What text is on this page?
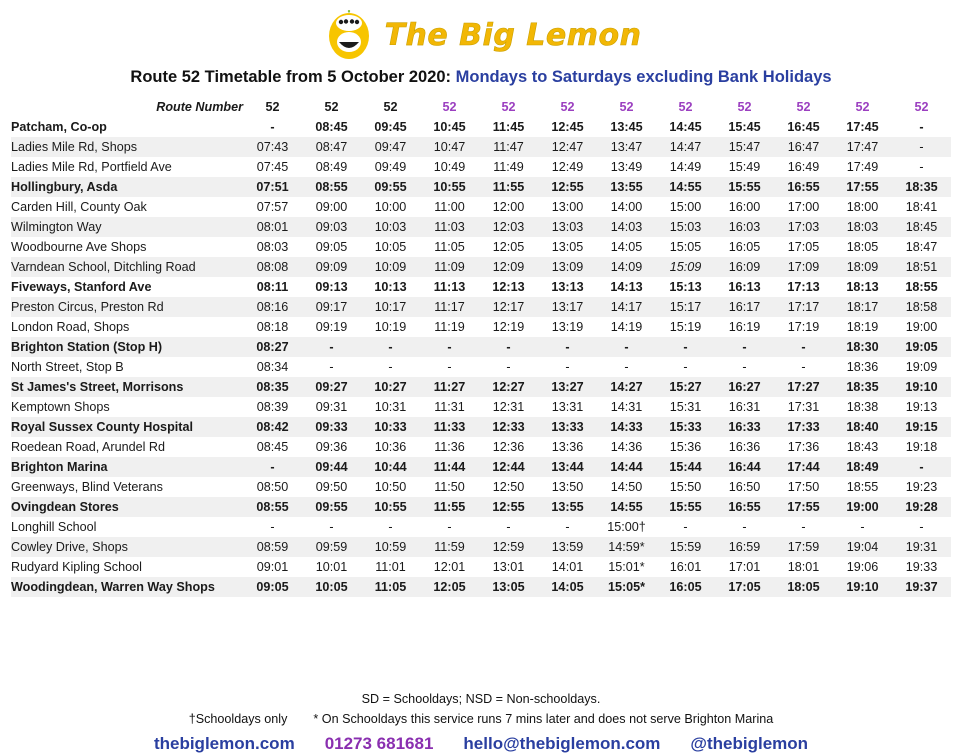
The Big Lemon
Route 52 Timetable from 5 October 2020: Mondays to Saturdays excluding Bank Holidays
Route Number	52	52	52	52	52	52	52	52	52	52	52	52
Patcham, Co-op	-	08:45	09:45	10:45	11:45	12:45	13:45	14:45	15:45	16:45	17:45	-
Ladies Mile Rd, Shops	07:43	08:47	09:47	10:47	11:47	12:47	13:47	14:47	15:47	16:47	17:47	-
Ladies Mile Rd, Portfield Ave	07:45	08:49	09:49	10:49	11:49	12:49	13:49	14:49	15:49	16:49	17:49	-
Hollingbury, Asda	07:51	08:55	09:55	10:55	11:55	12:55	13:55	14:55	15:55	16:55	17:55	18:35
Carden Hill, County Oak	07:57	09:00	10:00	11:00	12:00	13:00	14:00	15:00	16:00	17:00	18:00	18:41
Wilmington Way	08:01	09:03	10:03	11:03	12:03	13:03	14:03	15:03	16:03	17:03	18:03	18:45
Woodbourne Ave Shops	08:03	09:05	10:05	11:05	12:05	13:05	14:05	15:05	16:05	17:05	18:05	18:47
Varndean School, Ditchling Road	08:08	09:09	10:09	11:09	12:09	13:09	14:09	15:09	16:09	17:09	18:09	18:51
Fiveways, Stanford Ave	08:11	09:13	10:13	11:13	12:13	13:13	14:13	15:13	16:13	17:13	18:13	18:55
Preston Circus, Preston Rd	08:16	09:17	10:17	11:17	12:17	13:17	14:17	15:17	16:17	17:17	18:17	18:58
London Road, Shops	08:18	09:19	10:19	11:19	12:19	13:19	14:19	15:19	16:19	17:19	18:19	19:00
Brighton Station (Stop H)	08:27	-	-	-	-	-	-	-	-	-	18:30	19:05
North Street, Stop B	08:34	-	-	-	-	-	-	-	-	-	18:36	19:09
St James's Street, Morrisons	08:35	09:27	10:27	11:27	12:27	13:27	14:27	15:27	16:27	17:27	18:35	19:10
Kemptown Shops	08:39	09:31	10:31	11:31	12:31	13:31	14:31	15:31	16:31	17:31	18:38	19:13
Royal Sussex County Hospital	08:42	09:33	10:33	11:33	12:33	13:33	14:33	15:33	16:33	17:33	18:40	19:15
Roedean Road, Arundel Rd	08:45	09:36	10:36	11:36	12:36	13:36	14:36	15:36	16:36	17:36	18:43	19:18
Brighton Marina	-	09:44	10:44	11:44	12:44	13:44	14:44	15:44	16:44	17:44	18:49	-
Greenways, Blind Veterans	08:50	09:50	10:50	11:50	12:50	13:50	14:50	15:50	16:50	17:50	18:55	19:23
Ovingdean Stores	08:55	09:55	10:55	11:55	12:55	13:55	14:55	15:55	16:55	17:55	19:00	19:28
Longhill School	-	-	-	-	-	-	15:00†	-	-	-	-	-
Cowley Drive, Shops	08:59	09:59	10:59	11:59	12:59	13:59	14:59*	15:59	16:59	17:59	19:04	19:31
Rudyard Kipling School	09:01	10:01	11:01	12:01	13:01	14:01	15:01*	16:01	17:01	18:01	19:06	19:33
Woodingdean, Warren Way Shops	09:05	10:05	11:05	12:05	13:05	14:05	15:05*	16:05	17:05	18:05	19:10	19:37
SD = Schooldays; NSD = Non-schooldays.
†Schooldays only * On Schooldays this service runs 7 mins later and does not serve Brighton Marina
thebiglemon.com 01273 681681 hello@thebiglemon.com @thebiglemon
